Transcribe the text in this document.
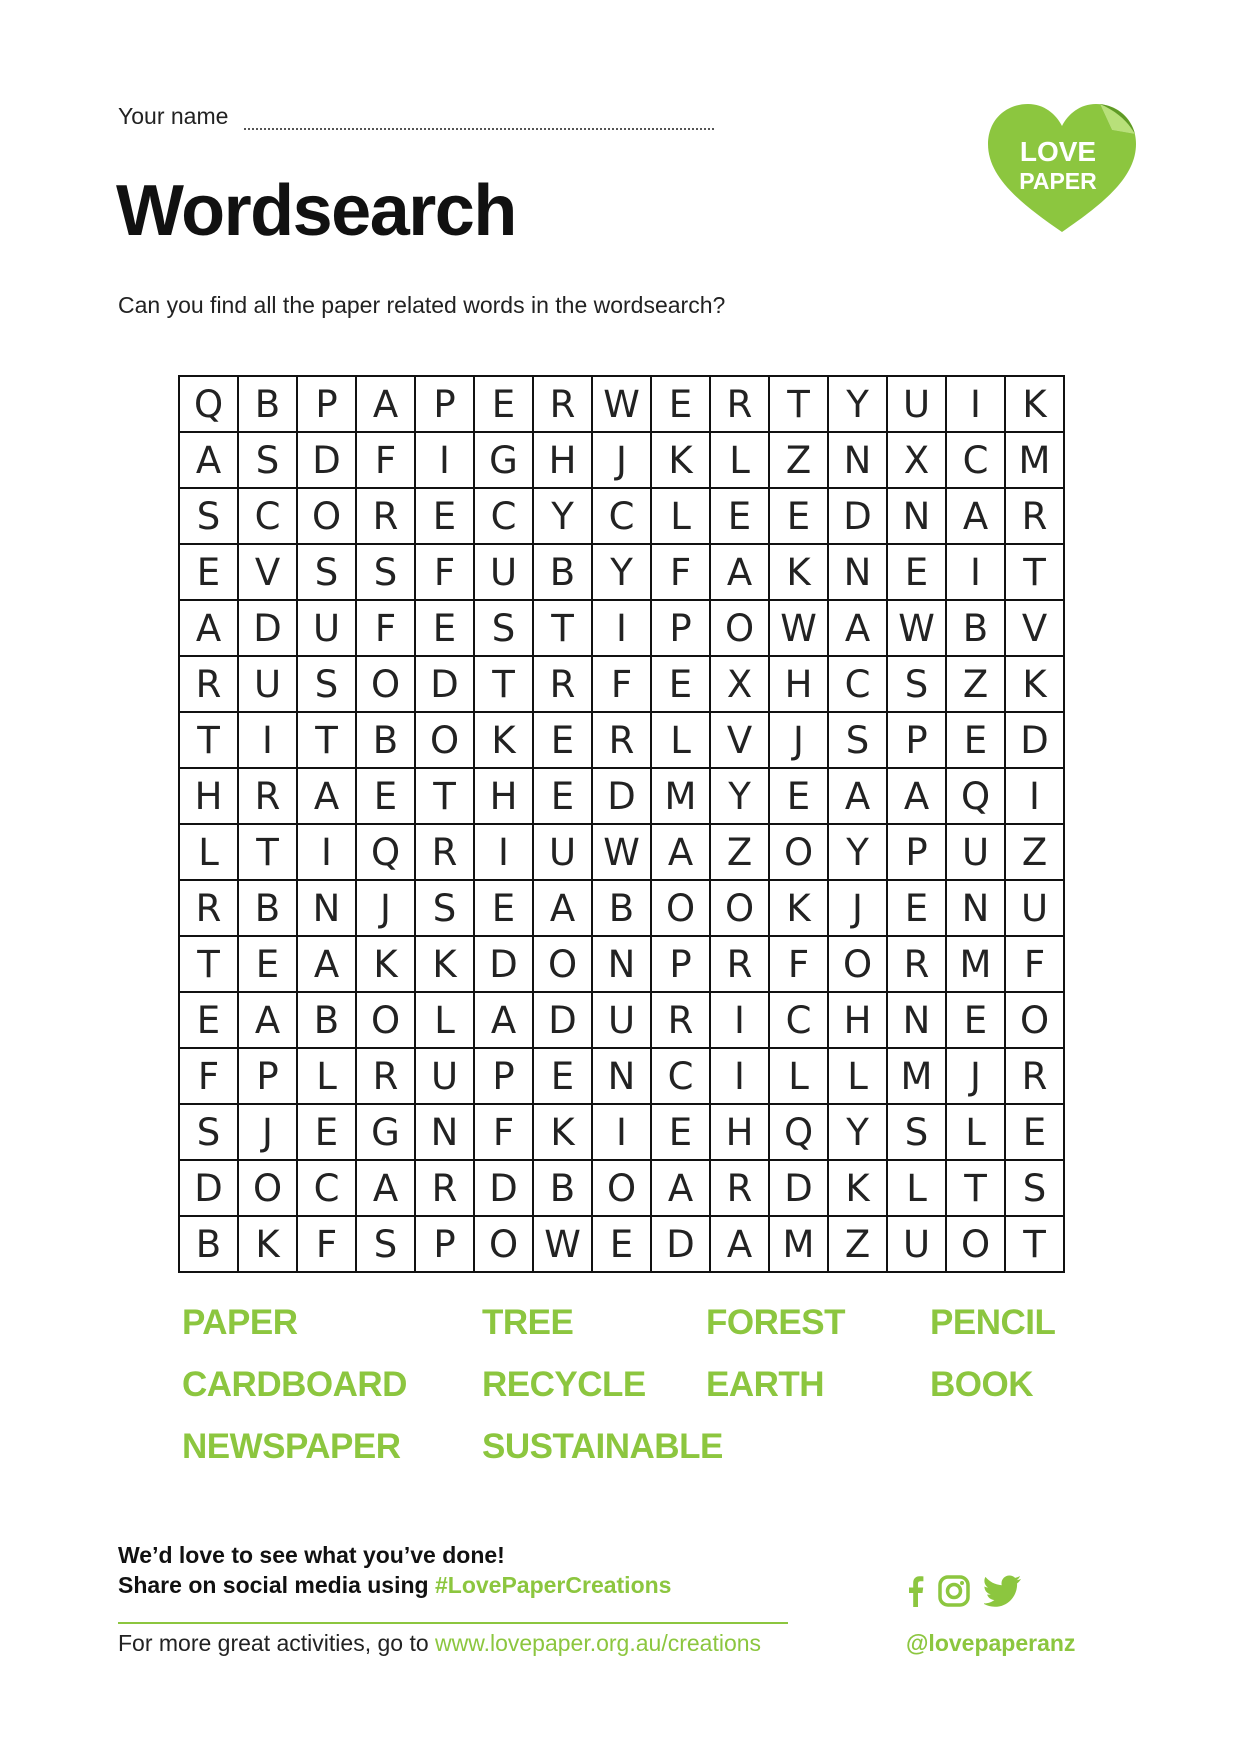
Your name
Wordsearch

Can you find all the paper related words in the wordsearch?

LOVE
PAPER
Q	B	P	A	P	E	R	W	E	R	T	Y	U	I	K
A	S	D	F	I	G	H	J	K	L	Z	N	X	C	M
S	C	O	R	E	C	Y	C	L	E	E	D	N	A	R
E	V	S	S	F	U	B	Y	F	A	K	N	E	I	T
A	D	U	F	E	S	T	I	P	O	W	A	W	B	V
R	U	S	O	D	T	R	F	E	X	H	C	S	Z	K
T	I	T	B	O	K	E	R	L	V	J	S	P	E	D
H	R	A	E	T	H	E	D	M	Y	E	A	A	Q	I
L	T	I	Q	R	I	U	W	A	Z	O	Y	P	U	Z
R	B	N	J	S	E	A	B	O	O	K	J	E	N	U
T	E	A	K	K	D	O	N	P	R	F	O	R	M	F
E	A	B	O	L	A	D	U	R	I	C	H	N	E	O
F	P	L	R	U	P	E	N	C	I	L	L	M	J	R
S	J	E	G	N	F	K	I	E	H	Q	Y	S	L	E
D	O	C	A	R	D	B	O	A	R	D	K	L	T	S
B	K	F	S	P	O	W	E	D	A	M	Z	U	O	T
PAPER	TREE	FOREST PENCIL
CARDBOARD RECYCLE EARTH	BOOK
NEWSPAPER SUSTAINABLE
We’d love to see what you’ve done!
Share on social media using #LovePaperCreations
For more great activities, go to www.lovepaper.org.au/creations	@lovepaperanz
